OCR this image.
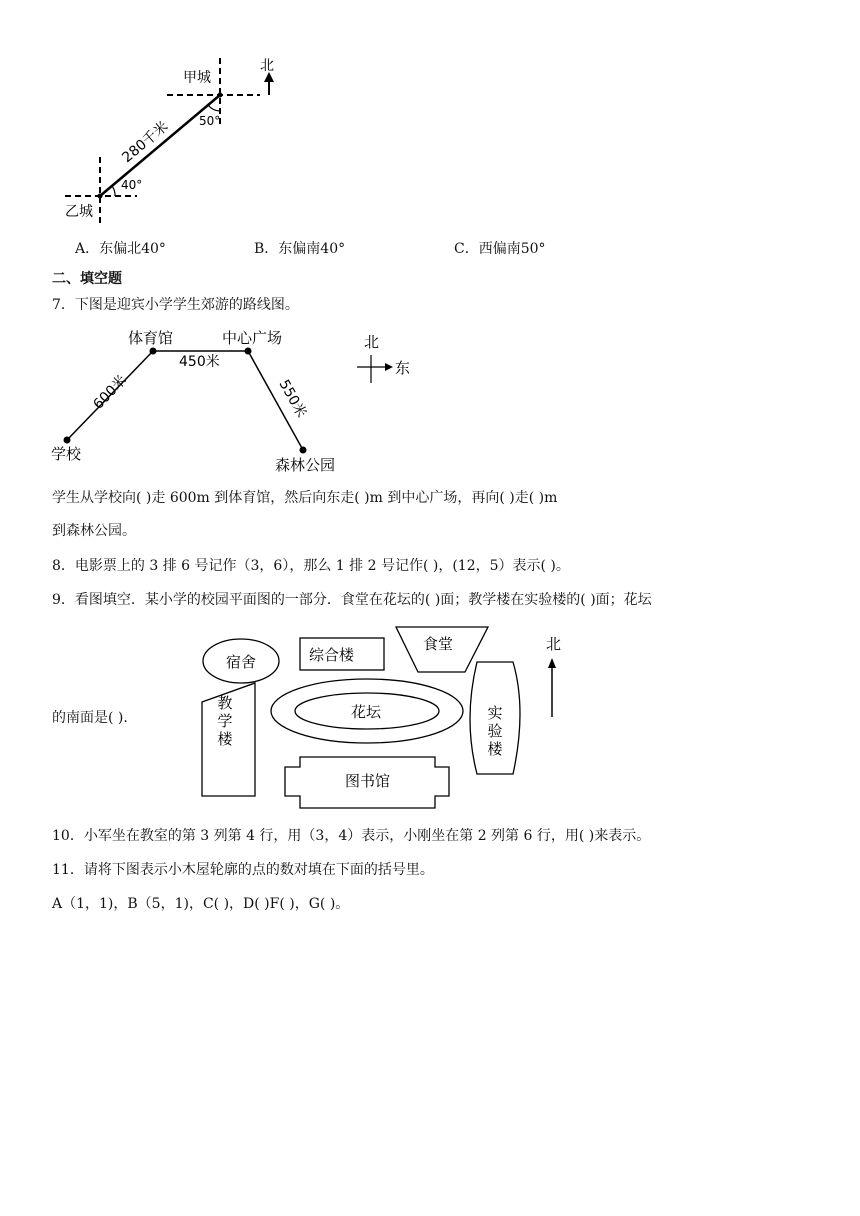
北
甲城
乙城
50°
40°
280千米
A．东偏北40°	B．东偏南40°	C．西偏南50°
二、填空题
7．下图是迎宾小学学生郊游的路线图。
学校
体育馆	中心广场
森林公园
450米
600米	550米
北
东
学生从学校向( )走 600m 到体育馆，然后向东走( )m 到中心广场，再向( )走( )m
到森林公园。
8．电影票上的 3 排 6 号记作（3，6），那么 1 排 2 号记作( )，(12，5）表示( )。
9．看图填空．某小学的校园平面图的一部分．食堂在花坛的( )面；教学楼在实验楼的( )面；花坛
的南面是( ).
宿舍	综合楼
食堂
教
学
楼
花坛	实
验
楼
图书馆
北
10．小军坐在教室的第 3 列第 4 行，用（3，4）表示，小刚坐在第 2 列第 6 行，用( )来表示。
11．请将下图表示小木屋轮廓的点的数对填在下面的括号里。
A（1，1)，B（5，1)，C( )，D( )F( )，G( )。
